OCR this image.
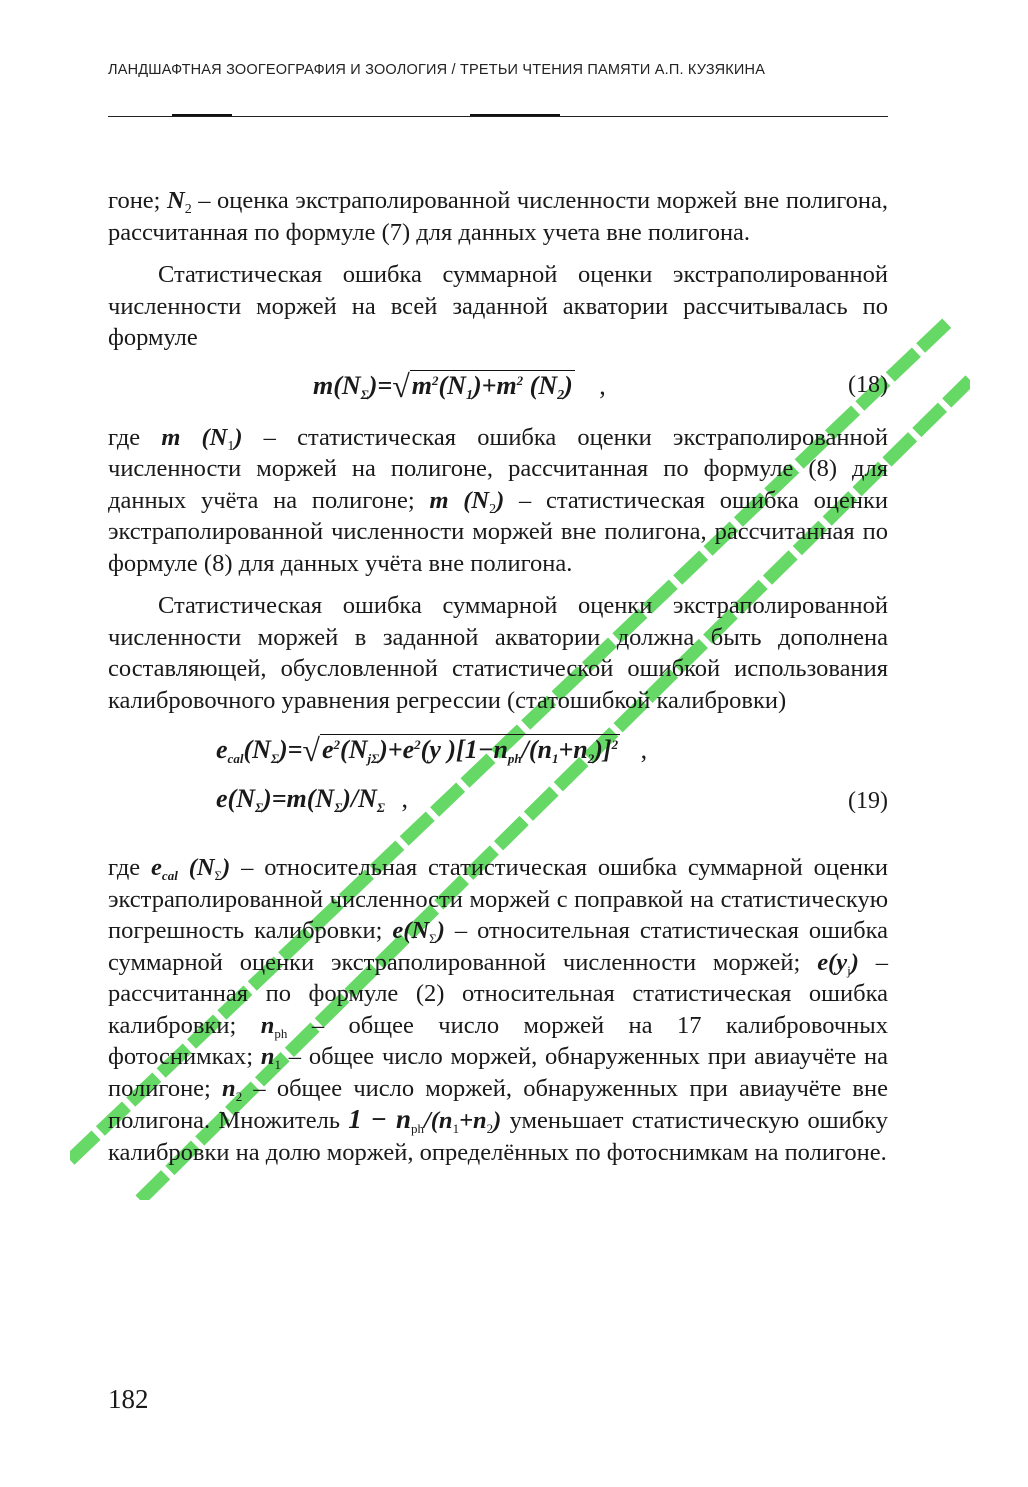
ЛАНДШАФТНАЯ ЗООГЕОГРАФИЯ И ЗООЛОГИЯ / ТРЕТЬИ ЧТЕНИЯ ПАМЯТИ А.П. КУЗЯКИНА

гоне; $N_2$ – оценка экстраполированной численности моржей вне полигона, рассчитанная по формуле (7) для данных учета вне полигона.

Статистическая ошибка суммарной оценки экстраполированной численности моржей на всей заданной акватории рассчитывалась по формуле

$m(N\Sigma)=√m^2(N_1)+m^2$ $(N_2)$ ,	(18)

где m $(N_1)$ – статистическая ошибка оценки экстраполированной численности моржей на полигоне, рассчитанная по формуле (8) для данных учёта на полигоне; m $(N_2)$ – статистическая ошибка оценки экстраполированной численности моржей вне полигона, рассчитанная по формуле (8) для данных учёта вне полигона.

Статистическая ошибка суммарной оценки экстраполированной численности моржей в заданной акватории должна быть дополнена составляющей, обусловленной статистической ошибкой использования калибровочного уравнения регрессии (статошибкой калибровки)

$ecal(N\Sigma)=√e^2(Nj\Sigma)+e^2(y$ )$[1-nph/(n1+n2)]^2$ ,
e(NΣ)=m(NΣ)/NΣ ,	(19)

где $e_{cal}$ $(N_\Sigma)$ – относительная статистическая ошибка суммарной оценки экстраполированной численности моржей с поправкой на статистическую погрешность калибровки; $e(N_\Sigma)$ – относительная статистическая ошибка суммарной оценки экстраполированной численности моржей; $e(y_j)$ – рассчитанная по формуле (2) относительная статистическая ошибка калибровки; $n_{ph}$ – общее число моржей на 17 калибровочных фотоснимках; $n_1$ – общее число моржей, обнаруженных при авиаучёте на полигоне; $n_2$ – общее число моржей, обнаруженных при авиаучёте вне полигона. Множитель $1 - n_{ph}/(n_1+n_2)$ уменьшает статистическую ошибку калибровки на долю моржей, определённых по фотоснимкам на полигоне.

182
